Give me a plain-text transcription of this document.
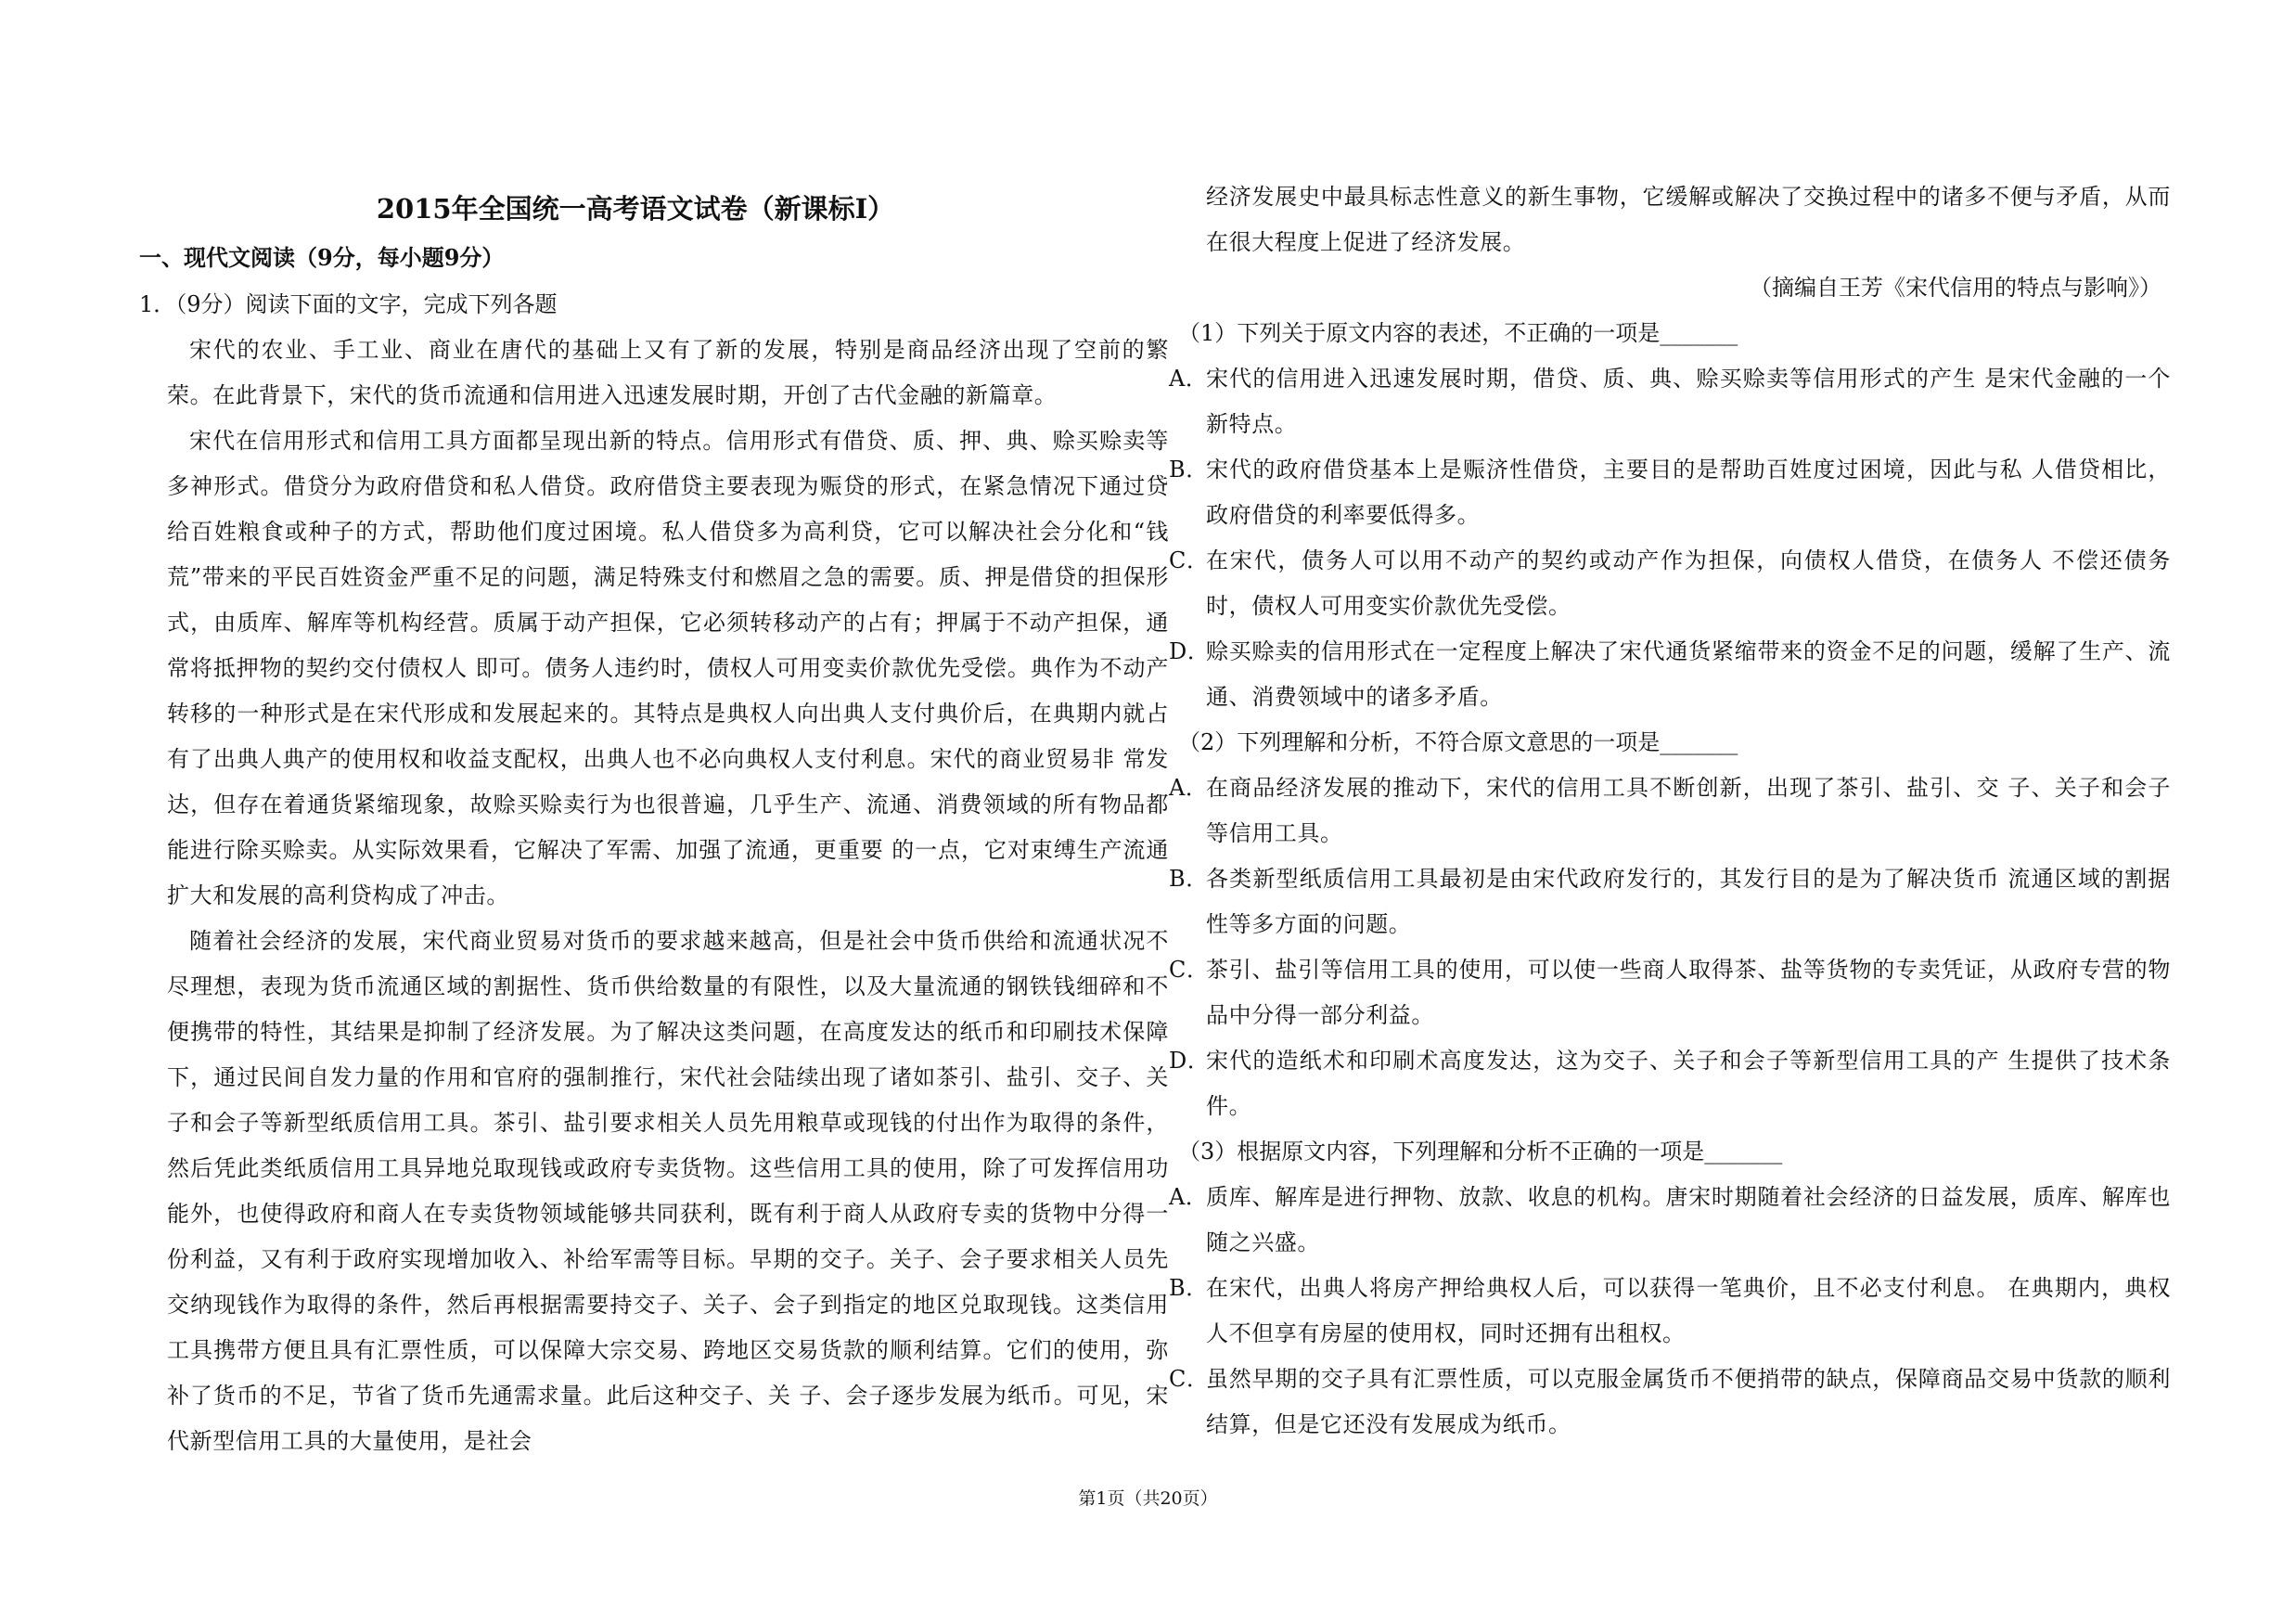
2015年全国统一高考语文试卷（新课标I）
一、现代文阅读（9分，每小题9分）

1．（9分）阅读下面的文字，完成下列各题

宋代的农业、手工业、商业在唐代的基础上又有了新的发展，特别是商品经济出现了空前的繁荣。在此背景下，宋代的货币流通和信用进入迅速发展时期，开创了古代金融的新篇章。

宋代在信用形式和信用工具方面都呈现出新的特点。信用形式有借贷、质、押、典、赊买赊卖等多神形式。借贷分为政府借贷和私人借贷。政府借贷主要表现为赈贷的形式，在紧急情况下通过贷给百姓粮食或种子的方式，帮助他们度过困境。私人借贷多为高利贷，它可以解决社会分化和“钱荒”带来的平民百姓资金严重不足的问题，满足特殊支付和燃眉之急的需要。质、押是借贷的担保形式，由质库、解库等机构经营。质属于动产担保，它必须转移动产的占有；押属于不动产担保，通常将抵押物的契约交付债权人 即可。债务人违约时，债权人可用变卖价款优先受偿。典作为不动产转移的一种形式是在宋代形成和发展起来的。其特点是典权人向出典人支付典价后，在典期内就占有了出典人典产的使用权和收益支配权，出典人也不必向典权人支付利息。宋代的商业贸易非 常发达，但存在着通货紧缩现象，故赊买赊卖行为也很普遍，几乎生产、流通、消费领域的所有物品都能进行除买赊卖。从实际效果看，它解决了军需、加强了流通，更重要 的一点，它对束缚生产流通扩大和发展的高利贷构成了冲击。

随着社会经济的发展，宋代商业贸易对货币的要求越来越高，但是社会中货币供给和流通状况不尽理想，表现为货币流通区域的割据性、货币供给数量的有限性，以及大量流通的钢铁钱细碎和不便携带的特性，其结果是抑制了经济发展。为了解决这类问题，在高度发达的纸币和印刷技术保障下，通过民间自发力量的作用和官府的强制推行，宋代社会陆续出现了诸如茶引、盐引、交子、关子和会子等新型纸质信用工具。茶引、盐引要求相关人员先用粮草或现钱的付出作为取得的条件，然后凭此类纸质信用工具异地兑取现钱或政府专卖货物。这些信用工具的使用，除了可发挥信用功能外，也使得政府和商人在专卖货物领域能够共同获利，既有利于商人从政府专卖的货物中分得一份利益，又有利于政府实现增加收入、补给军需等目标。早期的交子。关子、会子要求相关人员先交纳现钱作为取得的条件，然后再根据需要持交子、关子、会子到指定的地区兑取现钱。这类信用工具携带方便且具有汇票性质，可以保障大宗交易、跨地区交易货款的顺利结算。它们的使用，弥补了货币的不足，节省了货币先通需求量。此后这种交子、关 子、会子逐步发展为纸币。可见，宋代新型信用工具的大量使用，是社会

经济发展史中最具标志性意义的新生事物，它缓解或解决了交换过程中的诸多不便与矛盾，从而在很大程度上促进了经济发展。

（摘编自王芳《宋代信用的特点与影响》）

（1）下列关于原文内容的表述，不正确的一项是_______

A．
宋代的信用进入迅速发展时期，借贷、质、典、赊买赊卖等信用形式的产生 是宋代金融的一个新特点。
B．
宋代的政府借贷基本上是赈济性借贷，主要目的是帮助百姓度过困境，因此与私 人借贷相比，政府借贷的利率要低得多。
C．
在宋代，债务人可以用不动产的契约或动产作为担保，向债权人借贷，在债务人 不偿还债务时，债权人可用变实价款优先受偿。
D．
赊买赊卖的信用形式在一定程度上解决了宋代通货紧缩带来的资金不足的问题，缓解了生产、流通、消费领域中的诸多矛盾。

（2）下列理解和分析，不符合原文意思的一项是_______

A．
在商品经济发展的推动下，宋代的信用工具不断创新，出现了茶引、盐引、交 子、关子和会子等信用工具。
B．
各类新型纸质信用工具最初是由宋代政府发行的，其发行目的是为了解决货币 流通区域的割据性等多方面的问题。
C．
茶引、盐引等信用工具的使用，可以使一些商人取得茶、盐等货物的专卖凭证，从政府专营的物品中分得一部分利益。
D．
宋代的造纸术和印刷术高度发达，这为交子、关子和会子等新型信用工具的产 生提供了技术条件。

（3）根据原文内容，下列理解和分析不正确的一项是_______

A．
质库、解库是进行押物、放款、收息的机构。唐宋时期随着社会经济的日益发展，质库、解库也随之兴盛。
B．
在宋代，出典人将房产押给典权人后，可以获得一笔典价，且不必支付利息。 在典期内，典权人不但享有房屋的使用权，同时还拥有出租权。
C．
虽然早期的交子具有汇票性质，可以克服金属货币不便捎带的缺点，保障商品交易中货款的顺利结算，但是它还没有发展成为纸币。
第1页（共20页）
